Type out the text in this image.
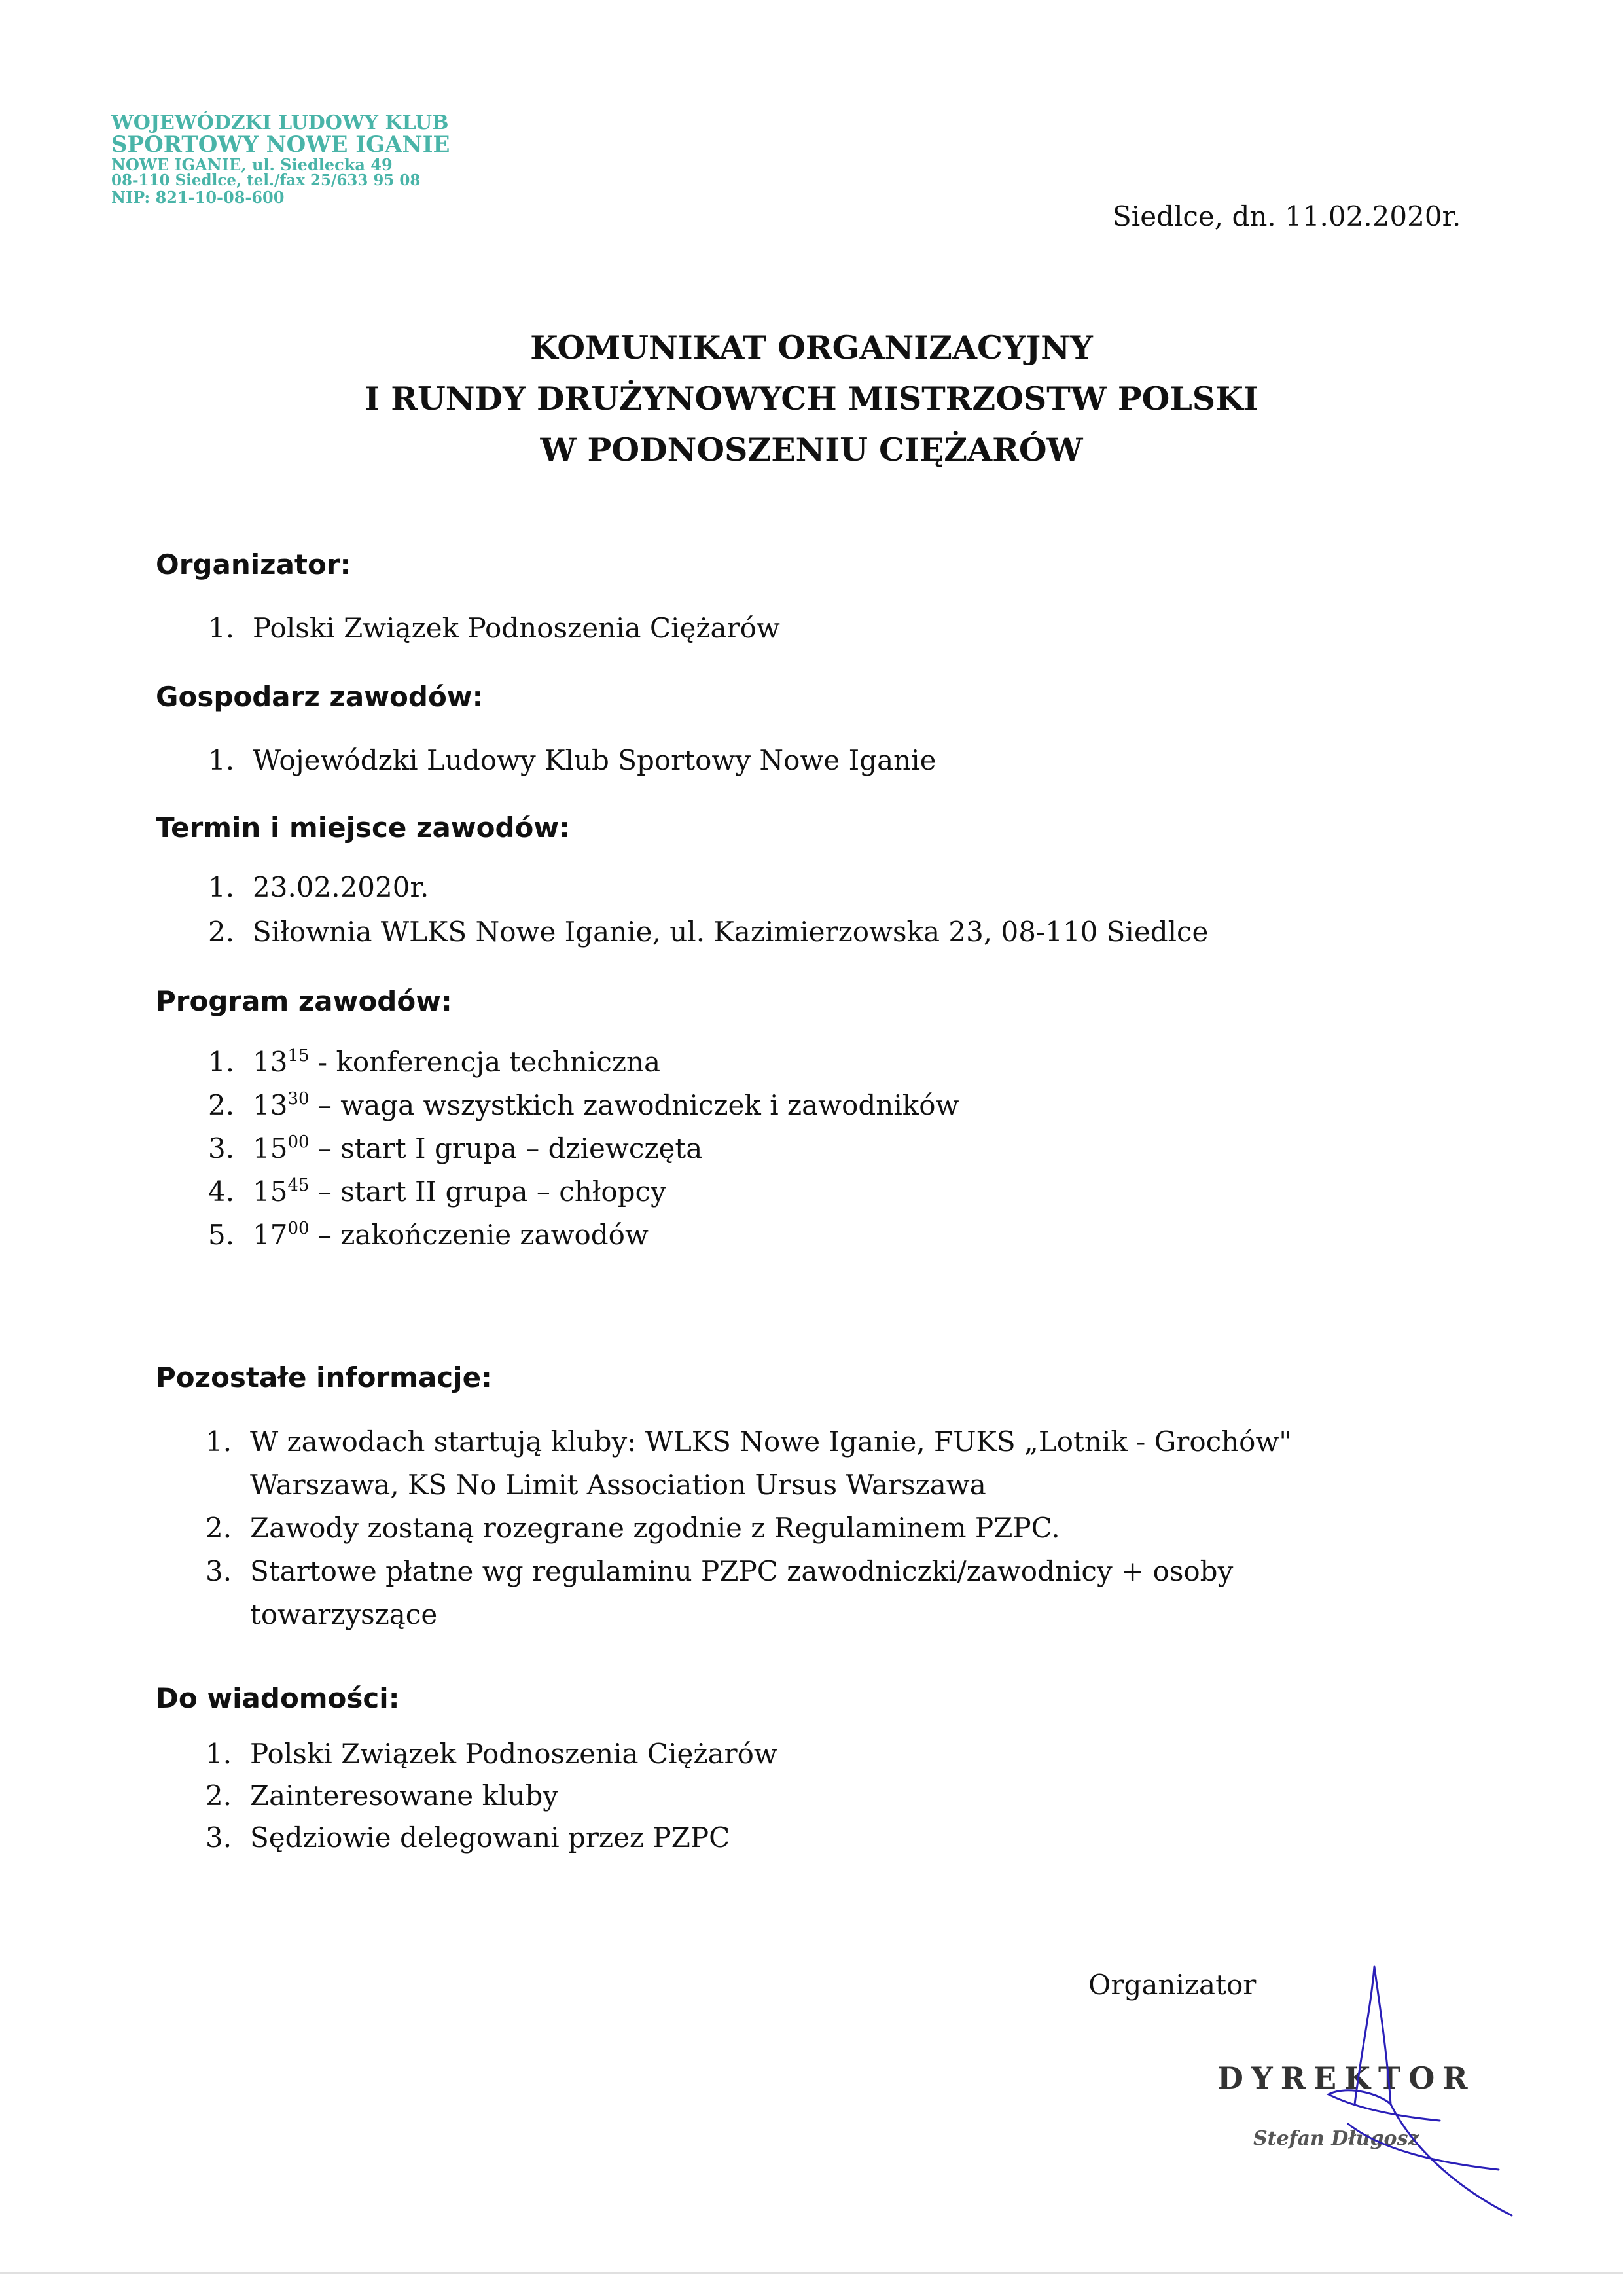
WOJEWÓDZKI LUDOWY KLUB
SPORTOWY NOWE IGANIE
NOWE IGANIE, ul. Siedlecka 49
08-110 Siedlce, tel./fax 25/633 95 08
NIP: 821-10-08-600
Siedlce, dn. 11.02.2020r.
KOMUNIKAT ORGANIZACYJNY
I RUNDY DRUŻYNOWYCH MISTRZOSTW POLSKI
W PODNOSZENIU CIĘŻARÓW
Organizator:
1. Polski Związek Podnoszenia Ciężarów
Gospodarz zawodów:
1. Wojewódzki Ludowy Klub Sportowy Nowe Iganie
Termin i miejsce zawodów:
1. 23.02.2020r.
2. Siłownia WLKS Nowe Iganie, ul. Kazimierzowska 23, 08-110 Siedlce
Program zawodów:
1. $13^{15}$ - konferencja techniczna
2. $13^{30}$ – waga wszystkich zawodniczek i zawodników
3. $15^{00}$ – start I grupa – dziewczęta
4. $15^{45}$ – start II grupa – chłopcy
5. $17^{00}$ – zakończenie zawodów
Pozostałe informacje:
1. W zawodach startują kluby: WLKS Nowe Iganie, FUKS „Lotnik - Grochów"
Warszawa, KS No Limit Association Ursus Warszawa
2. Zawody zostaną rozegrane zgodnie z Regulaminem PZPC.
3. Startowe płatne wg regulaminu PZPC zawodniczki/zawodnicy + osoby
towarzyszące
Do wiadomości:
1. Polski Związek Podnoszenia Ciężarów
2. Zainteresowane kluby
3. Sędziowie delegowani przez PZPC
Organizator
DYREKTOR
Stefan Długosz
